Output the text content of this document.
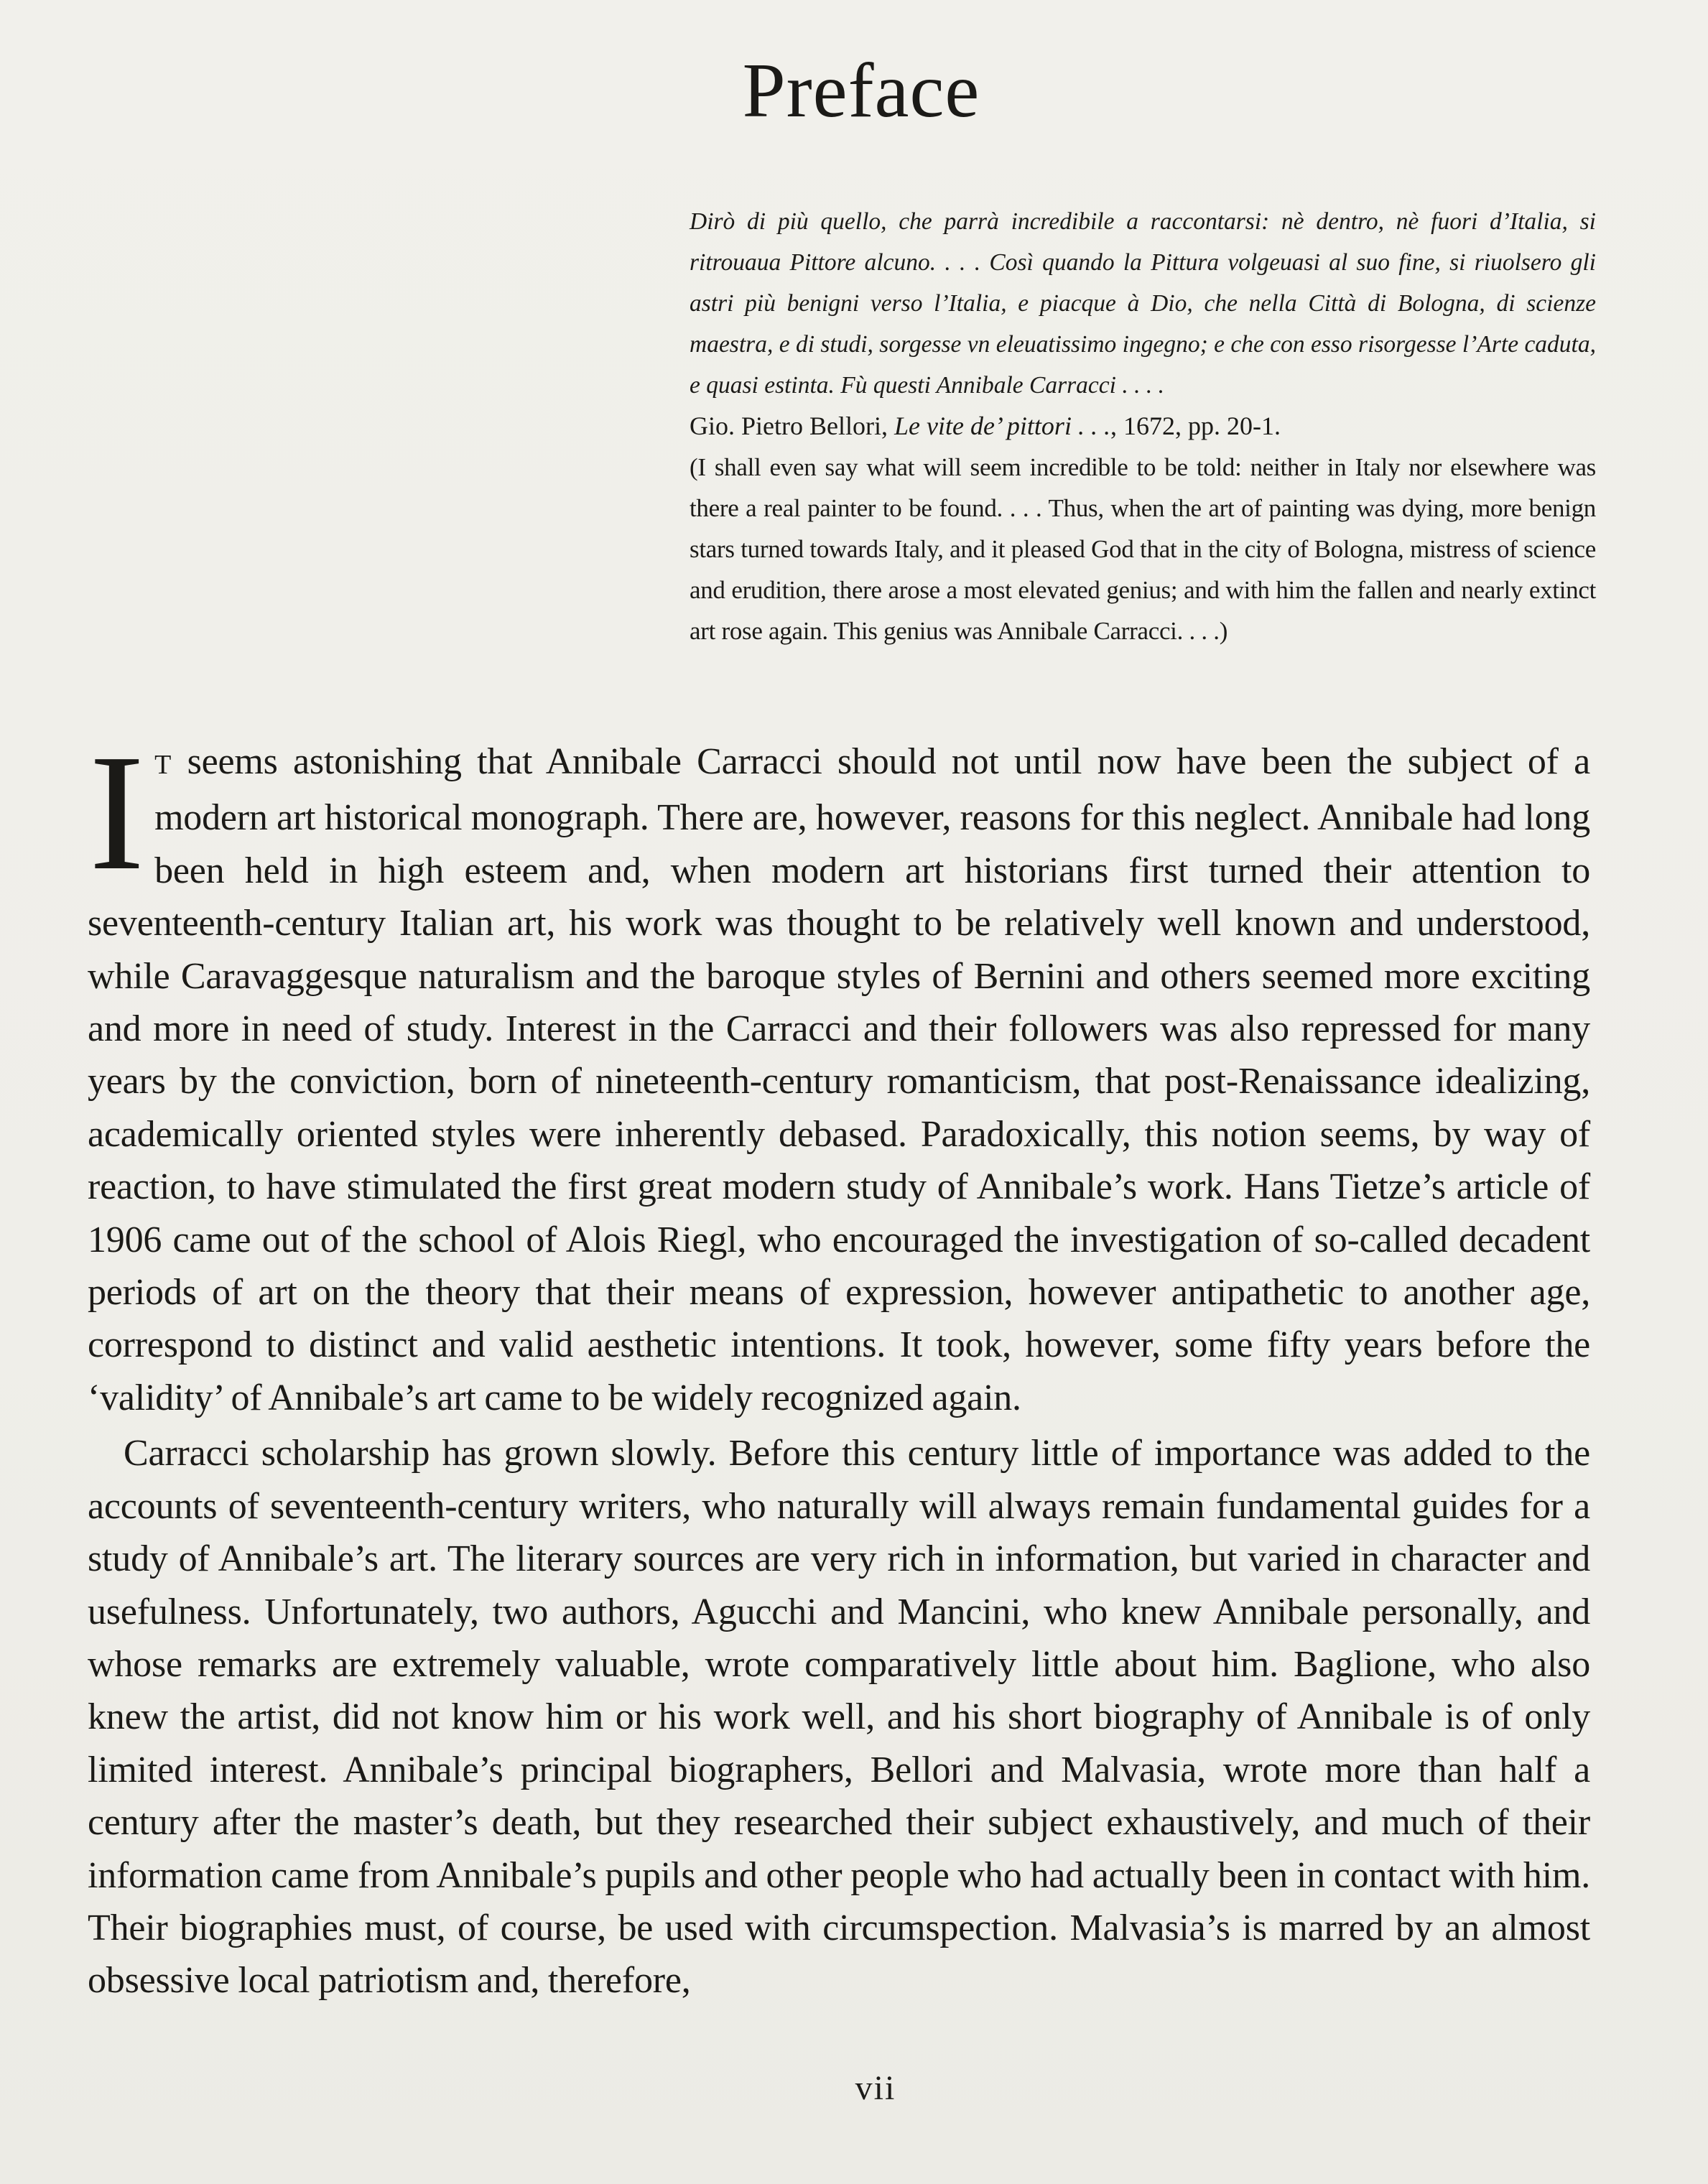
Preface

Dirò di più quello, che parrà incredibile a raccontarsi: nè dentro, nè fuori d’Italia, si ritrouaua Pittore alcuno. . . . Così quando la Pittura volgeuasi al suo fine, si riuolsero gli astri più benigni verso l’Italia, e piacque à Dio, che nella Città di Bologna, di scienze maestra, e di studi, sorgesse vn eleuatissimo ingegno; e che con esso risorgesse l’Arte caduta, e quasi estinta. Fù questi Annibale Carracci . . . .

Gio. Pietro Bellori, Le vite de’ pittori . . ., 1672, pp. 20-1.

(I shall even say what will seem incredible to be told: neither in Italy nor elsewhere was there a real painter to be found. . . . Thus, when the art of painting was dying, more benign stars turned towards Italy, and it pleased God that in the city of Bologna, mistress of science and erudition, there arose a most elevated genius; and with him the fallen and nearly extinct art rose again. This genius was Annibale Carracci. . . .)

I T seems astonishing that Annibale Carracci should not until now have been the subject of a modern art historical monograph. There are, however, reasons for this neglect. Annibale had long been held in high esteem and, when modern art historians first turned their attention to seventeenth-century Italian art, his work was thought to be relatively well known and understood, while Caravaggesque naturalism and the baroque styles of Bernini and others seemed more exciting and more in need of study. Interest in the Carracci and their followers was also repressed for many years by the conviction, born of nineteenth-century romanticism, that post-Renaissance idealizing, academically oriented styles were inherently debased. Paradoxically, this notion seems, by way of reaction, to have stimulated the first great modern study of Annibale’s work. Hans Tietze’s article of 1906 came out of the school of Alois Riegl, who encouraged the investigation of so-called decadent periods of art on the theory that their means of expression, however antipathetic to another age, correspond to distinct and valid aesthetic intentions. It took, however, some fifty years before the ‘validity’ of Annibale’s art came to be widely recognized again.

Carracci scholarship has grown slowly. Before this century little of importance was added to the accounts of seventeenth-century writers, who naturally will always remain fundamental guides for a study of Annibale’s art. The literary sources are very rich in information, but varied in character and usefulness. Unfortunately, two authors, Agucchi and Mancini, who knew Annibale personally, and whose remarks are extremely valuable, wrote comparatively little about him. Baglione, who also knew the artist, did not know him or his work well, and his short biography of Annibale is of only limited interest. Annibale’s principal biographers, Bellori and Malvasia, wrote more than half a century after the master’s death, but they researched their subject exhaustively, and much of their information came from Annibale’s pupils and other people who had actually been in contact with him. Their biographies must, of course, be used with circumspection. Malvasia’s is marred by an almost obsessive local patriotism and, therefore,

vii
